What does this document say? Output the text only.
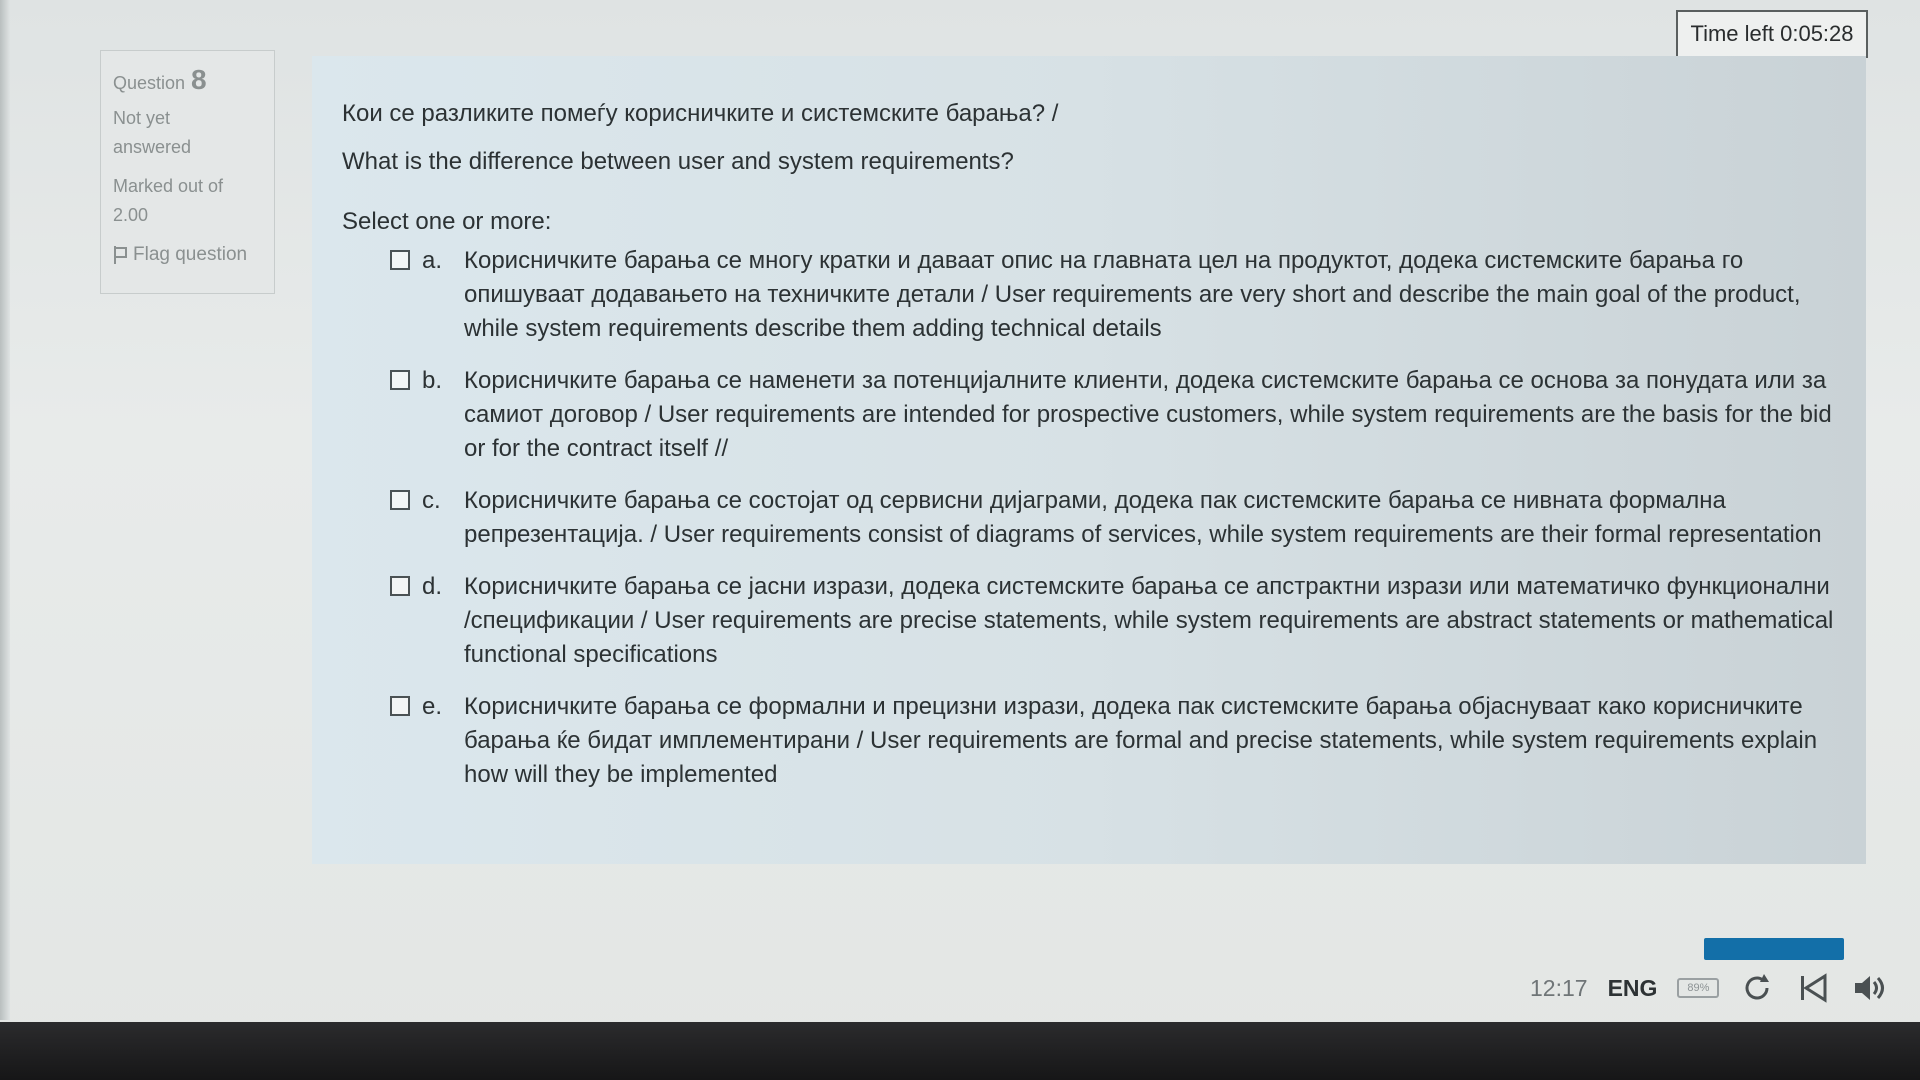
Time left 0:05:28
Question 8
Not yet
answered
Marked out of
2.00
Flag question
Кои се разликите помеѓу корисничките и системските барања? /
What is the difference between user and system requirements?
Select one or more:
a. Корисничките барања се многу кратки и даваат опис на главната цел на продуктот, додека системските барања го опишуваат додавањето на техничките детали / User requirements are very short and describe the main goal of the product, while system requirements describe them adding technical details
b. Корисничките барања се наменети за потенцијалните клиенти, додека системските барања се основа за понудата или за самиот договор / User requirements are intended for prospective customers, while system requirements are the basis for the bid or for the contract itself //
c. Корисничките барања се состојат од сервисни дијаграми, додека пак системските барања се нивната формална репрезентација. / User requirements consist of diagrams of services, while system requirements are their formal representation
d. Корисничките барања се јасни изрази, додека системските барања се апстрактни изрази или математичко функционални /спецификации / User requirements are precise statements, while system requirements are abstract statements or mathematical functional specifications
e. Корисничките барања се формални и прецизни изрази, додека пак системските барања објаснуваат како корисничките барања ќе бидат имплементирани / User requirements are formal and precise statements, while system requirements explain how will they be implemented
12:17 ENG	89%
